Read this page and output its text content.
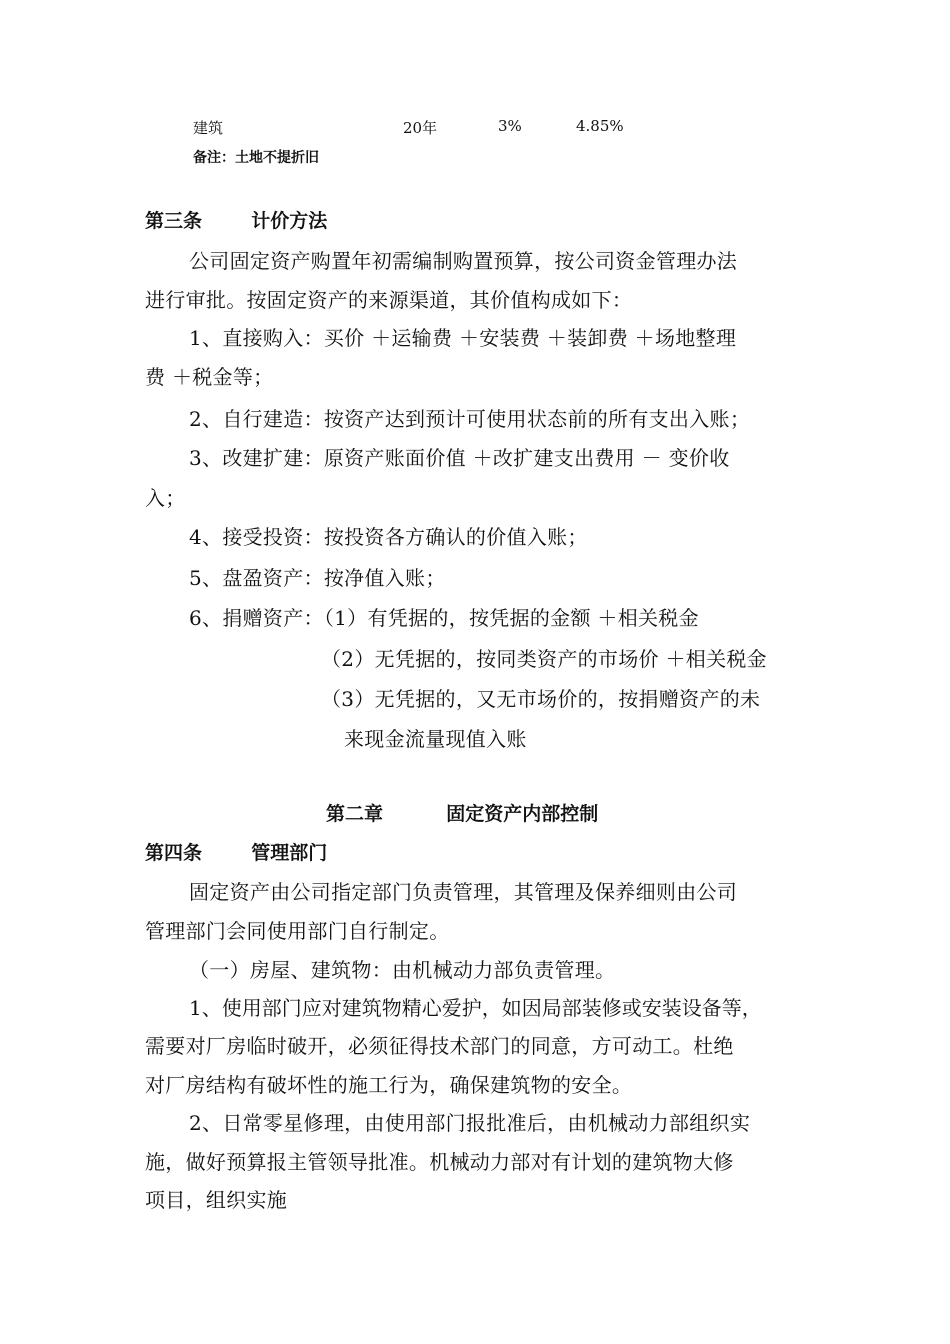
建筑	20年	3%	4.85%
备注：土地不提折旧
第三条	计价方法
公司固定资产购置年初需编制购置预算，按公司资金管理办法
进行审批。按固定资产的来源渠道，其价值构成如下：
1、直接购入：买价 ＋运输费 ＋安装费 ＋装卸费 ＋场地整理
费 ＋税金等；
2、自行建造：按资产达到预计可使用状态前的所有支出入账；
3、改建扩建：原资产账面价值 ＋改扩建支出费用 － 变价收
入；
4、接受投资：按投资各方确认的价值入账；
5、盘盈资产：按净值入账；
6、捐赠资产：（1）有凭据的，按凭据的金额 ＋相关税金
（2）无凭据的，按同类资产的市场价 ＋相关税金
（3）无凭据的，又无市场价的，按捐赠资产的未
来现金流量现值入账
第二章	固定资产内部控制
第四条	管理部门
固定资产由公司指定部门负责管理，其管理及保养细则由公司
管理部门会同使用部门自行制定。
（一）房屋、建筑物：由机械动力部负责管理。
1、使用部门应对建筑物精心爱护，如因局部装修或安装设备等，
需要对厂房临时破开，必须征得技术部门的同意，方可动工。杜绝
对厂房结构有破坏性的施工行为，确保建筑物的安全。
2、日常零星修理，由使用部门报批准后，由机械动力部组织实
施，做好预算报主管领导批准。机械动力部对有计划的建筑物大修
项目，组织实施
